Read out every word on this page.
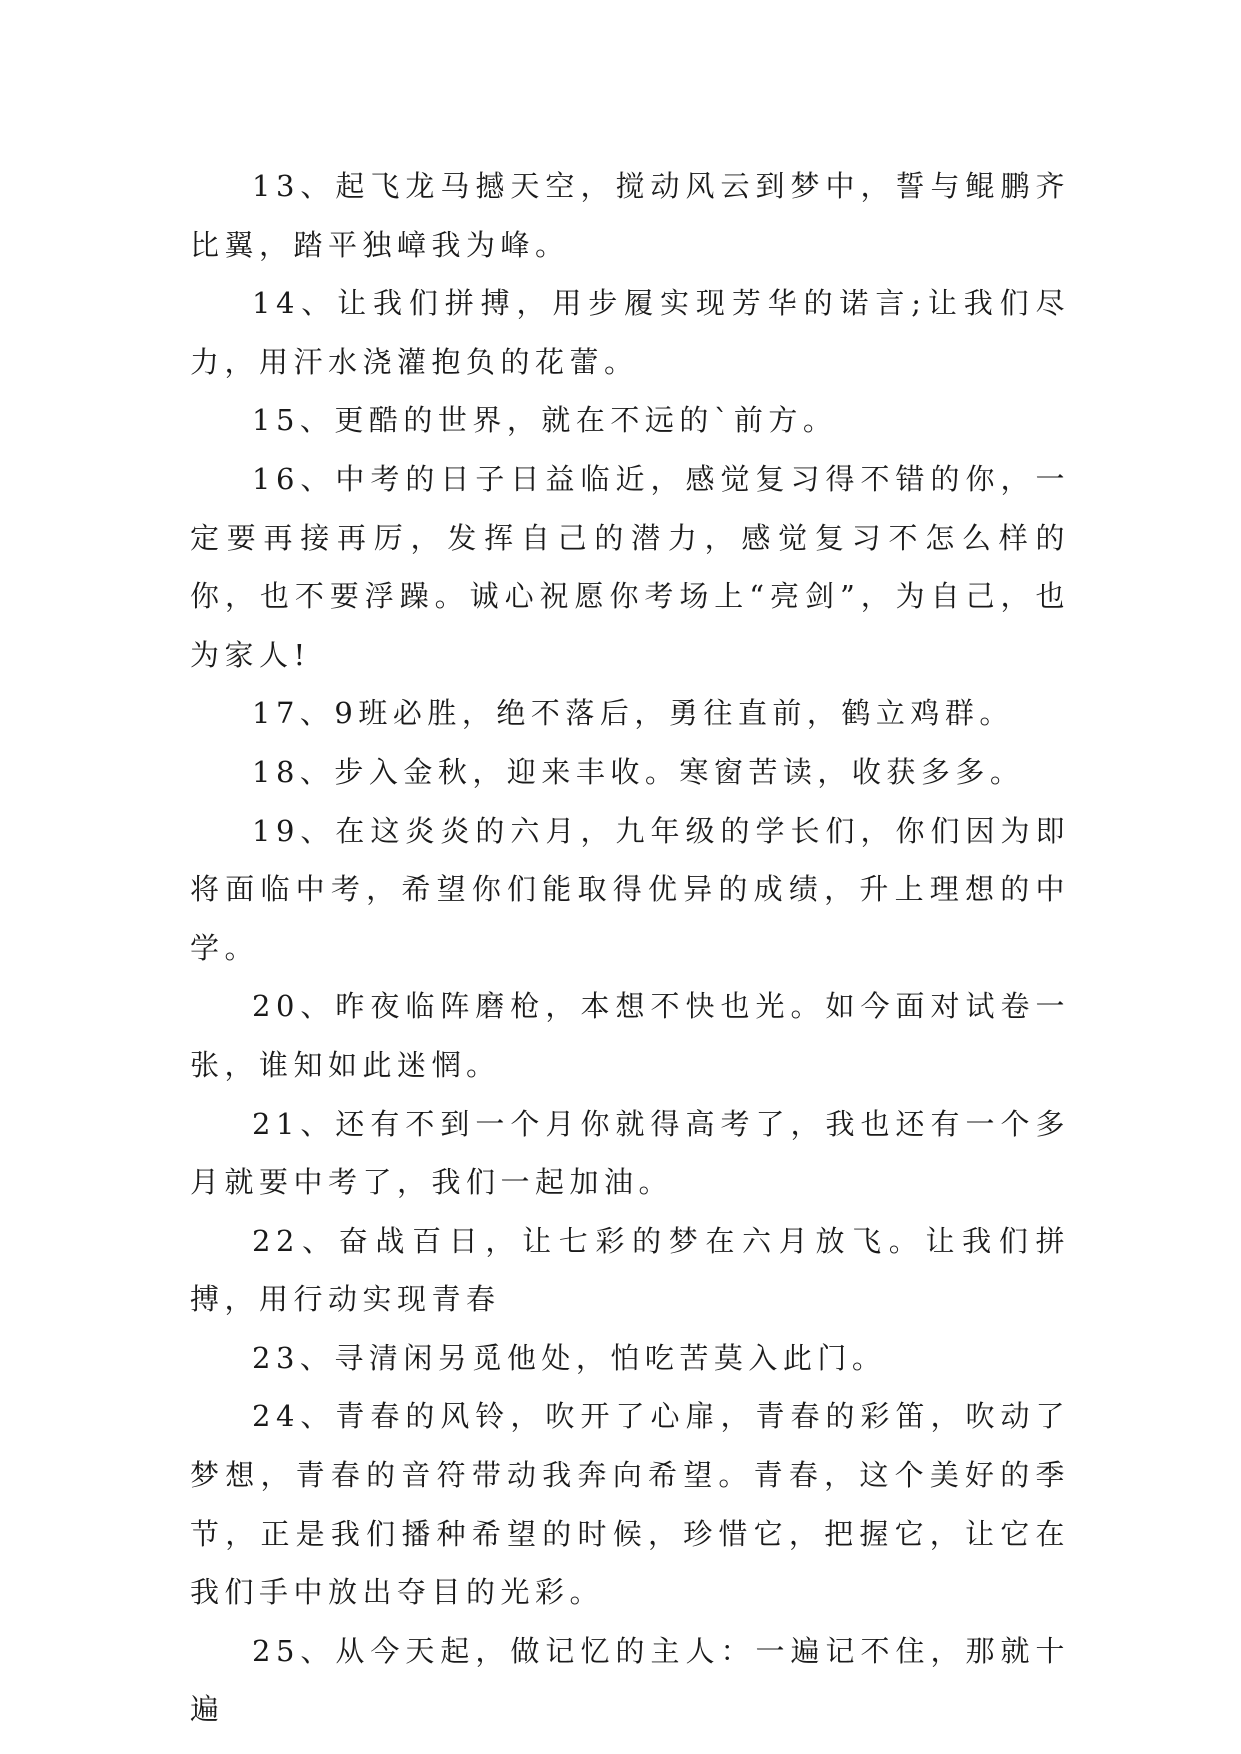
13、起飞龙马撼天空，搅动风云到梦中，誓与鲲鹏齐比翼，踏平独嶂我为峰。

14、让我们拼搏，用步履实现芳华的诺言;让我们尽力，用汗水浇灌抱负的花蕾。

15、更酷的世界，就在不远的`前方。

16、中考的日子日益临近，感觉复习得不错的你，一定要再接再厉，发挥自己的潜力，感觉复习不怎么样的你，也不要浮躁。诚心祝愿你考场上“亮剑”，为自己，也为家人!

17、9班必胜，绝不落后，勇往直前，鹤立鸡群。

18、步入金秋，迎来丰收。寒窗苦读，收获多多。

19、在这炎炎的六月，九年级的学长们，你们因为即将面临中考，希望你们能取得优异的成绩，升上理想的中学。

20、昨夜临阵磨枪，本想不快也光。如今面对试卷一张，谁知如此迷惘。

21、还有不到一个月你就得高考了，我也还有一个多月就要中考了，我们一起加油。

22、奋战百日，让七彩的梦在六月放飞。让我们拼搏，用行动实现青春

23、寻清闲另觅他处，怕吃苦莫入此门。

24、青春的风铃，吹开了心扉，青春的彩笛，吹动了梦想，青春的音符带动我奔向希望。青春，这个美好的季节，正是我们播种希望的时候，珍惜它，把握它，让它在我们手中放出夺目的光彩。

25、从今天起，做记忆的主人：一遍记不住，那就十遍
